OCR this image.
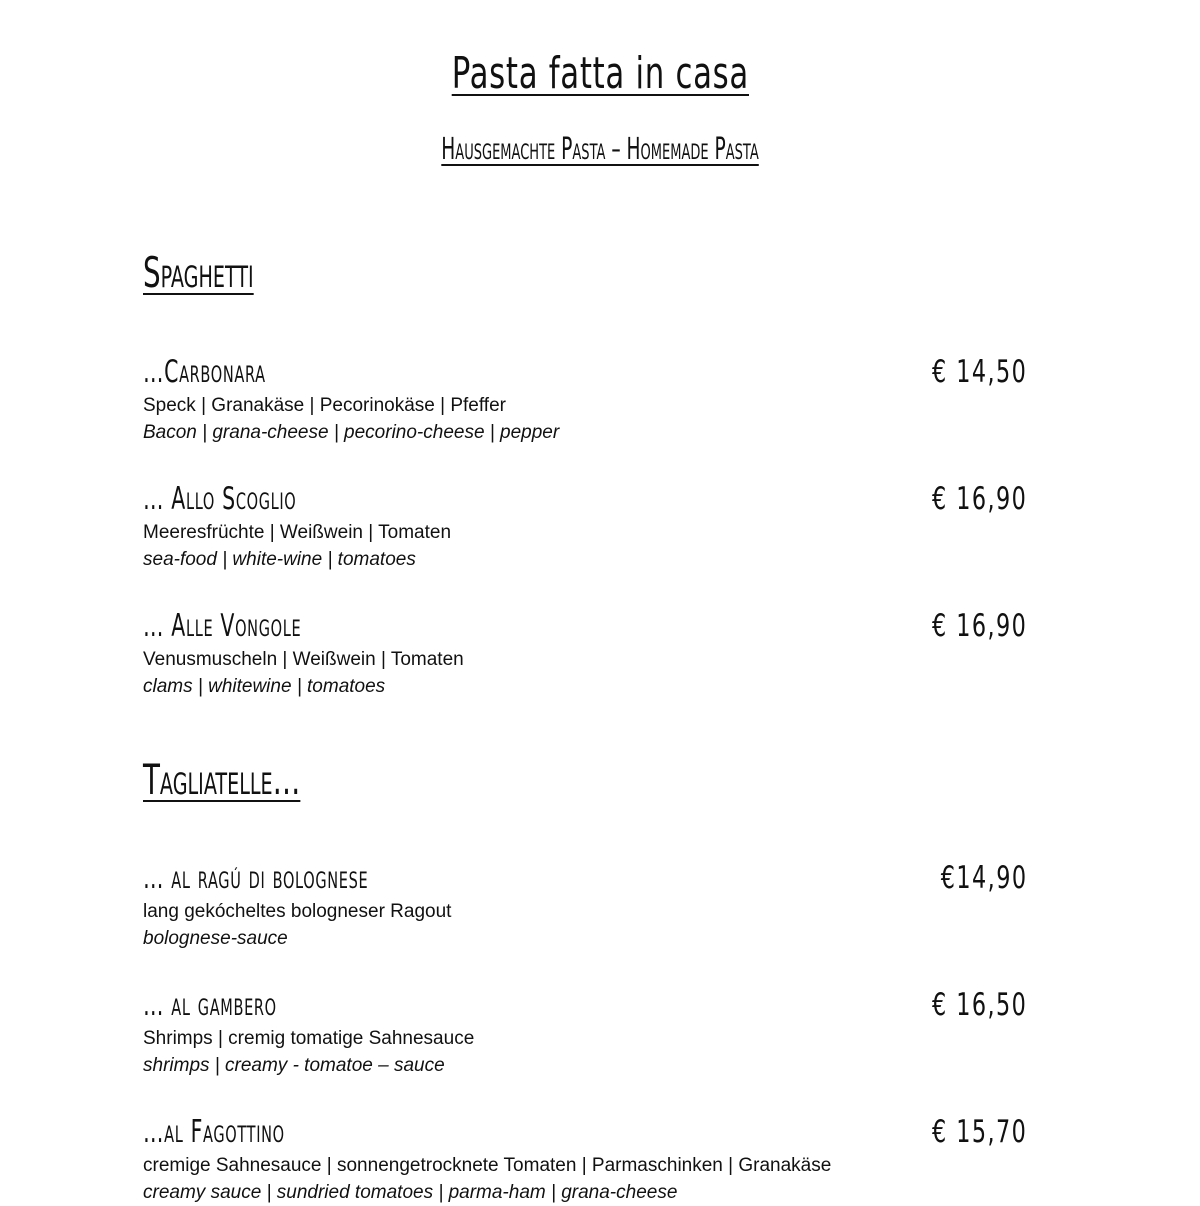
Pasta fatta in casa
Hausgemachte Pasta – Homemade Pasta
Spaghetti
…Carbonara	€ 14,50
Speck | Granakäse | Pecorinokäse | Pfeffer
Bacon | grana-cheese | pecorino-cheese | pepper
… Allo Scoglio	€ 16,90
Meeresfrüchte | Weißwein | Tomaten
sea-food | white-wine | tomatoes
… Alle Vongole	€ 16,90
Venusmuscheln | Weißwein | Tomaten
clams | whitewine | tomatoes
Tagliatelle…
… al ragú di bolognese	€14,90
lang gekócheltes bologneser Ragout
bolognese-sauce
… al gambero	€ 16,50
Shrimps | cremig tomatige Sahnesauce
shrimps | creamy - tomatoe – sauce
…al Fagottino	€ 15,70
cremige Sahnesauce | sonnengetrocknete Tomaten | Parmaschinken | Granakäse
creamy sauce | sundried tomatoes | parma-ham | grana-cheese
